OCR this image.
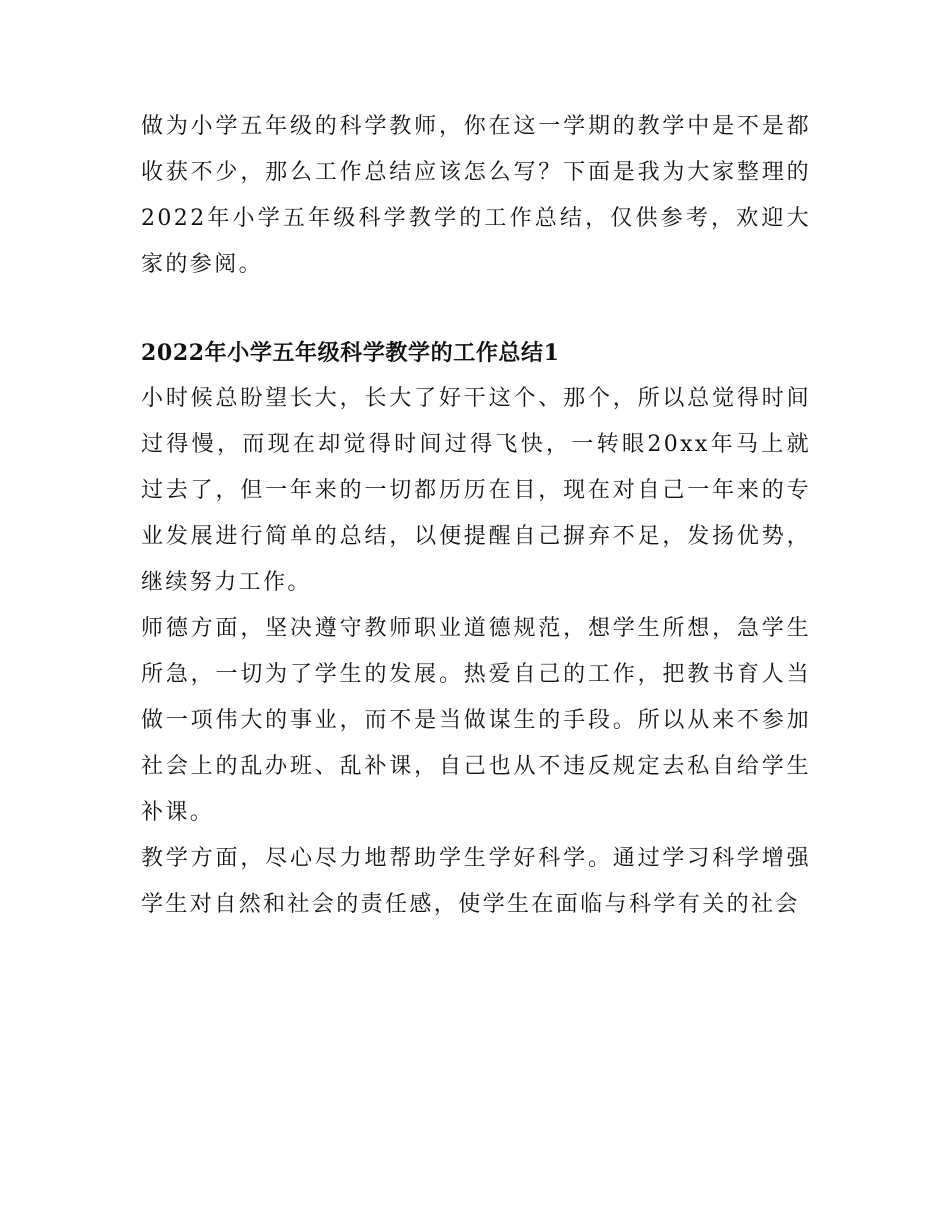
做为小学五年级的科学教师，你在这一学期的教学中是不是都收获不少，那么工作总结应该怎么写？下面是我为大家整理的2022年小学五年级科学教学的工作总结，仅供参考，欢迎大家的参阅。

2022年小学五年级科学教学的工作总结1

小时候总盼望长大，长大了好干这个、那个，所以总觉得时间过得慢，而现在却觉得时间过得飞快，一转眼20xx年马上就过去了，但一年来的一切都历历在目，现在对自己一年来的专业发展进行简单的总结，以便提醒自己摒弃不足，发扬优势，继续努力工作。

师德方面，坚决遵守教师职业道德规范，想学生所想，急学生所急，一切为了学生的发展。热爱自己的工作，把教书育人当做一项伟大的事业，而不是当做谋生的手段。所以从来不参加社会上的乱办班、乱补课，自己也从不违反规定去私自给学生补课。

教学方面，尽心尽力地帮助学生学好科学。通过学习科学增强学生对自然和社会的责任感，使学生在面临与科学有关的社会
